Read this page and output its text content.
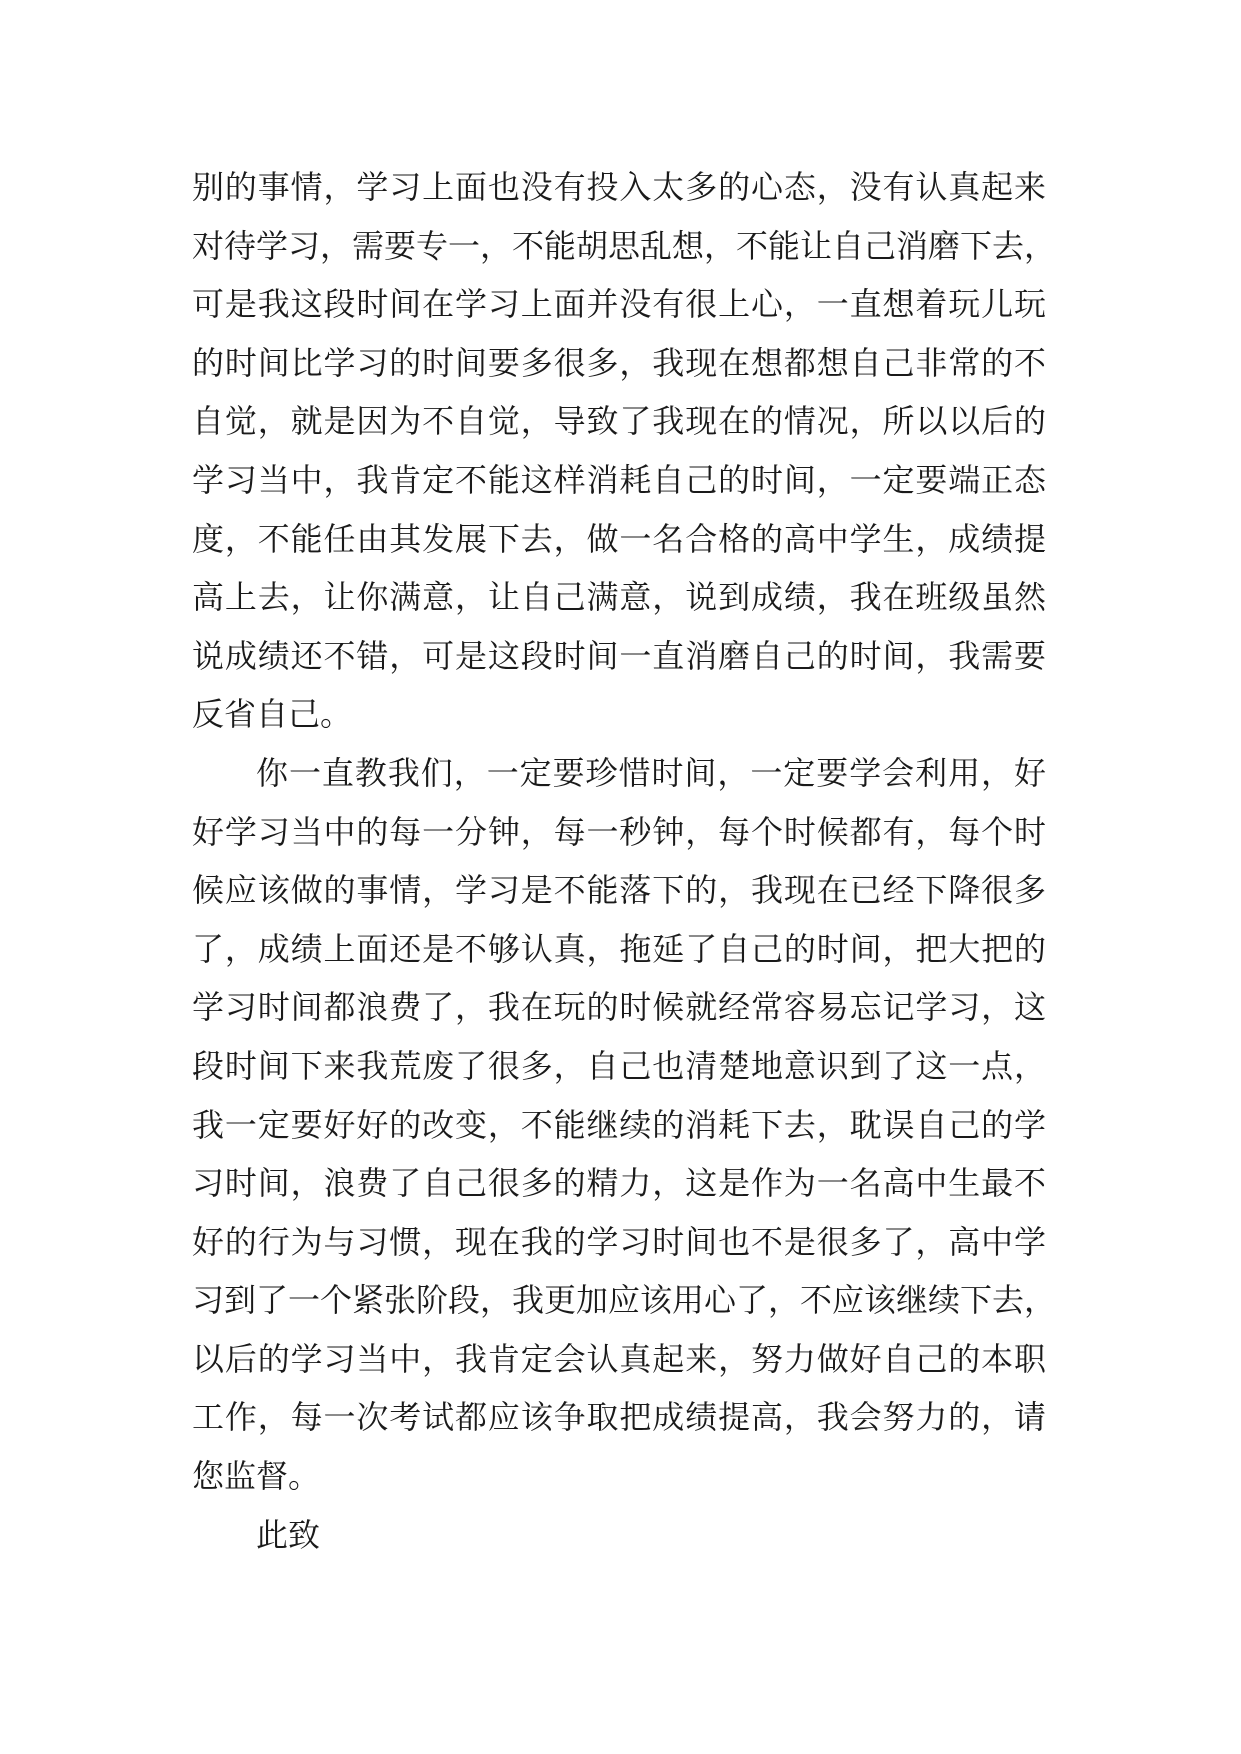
别的事情，学习上面也没有投入太多的心态，没有认真起来
对待学习，需要专一，不能胡思乱想，不能让自己消磨下去，
可是我这段时间在学习上面并没有很上心，一直想着玩儿玩
的时间比学习的时间要多很多，我现在想都想自己非常的不
自觉，就是因为不自觉，导致了我现在的情况，所以以后的
学习当中，我肯定不能这样消耗自己的时间，一定要端正态
度，不能任由其发展下去，做一名合格的高中学生，成绩提
高上去，让你满意，让自己满意，说到成绩，我在班级虽然
说成绩还不错，可是这段时间一直消磨自己的时间，我需要
反省自己。
你一直教我们，一定要珍惜时间，一定要学会利用，好
好学习当中的每一分钟，每一秒钟，每个时候都有，每个时
候应该做的事情，学习是不能落下的，我现在已经下降很多
了，成绩上面还是不够认真，拖延了自己的时间，把大把的
学习时间都浪费了，我在玩的时候就经常容易忘记学习，这
段时间下来我荒废了很多，自己也清楚地意识到了这一点，
我一定要好好的改变，不能继续的消耗下去，耽误自己的学
习时间，浪费了自己很多的精力，这是作为一名高中生最不
好的行为与习惯，现在我的学习时间也不是很多了，高中学
习到了一个紧张阶段，我更加应该用心了，不应该继续下去，
以后的学习当中，我肯定会认真起来，努力做好自己的本职
工作，每一次考试都应该争取把成绩提高，我会努力的，请
您监督。
此致
